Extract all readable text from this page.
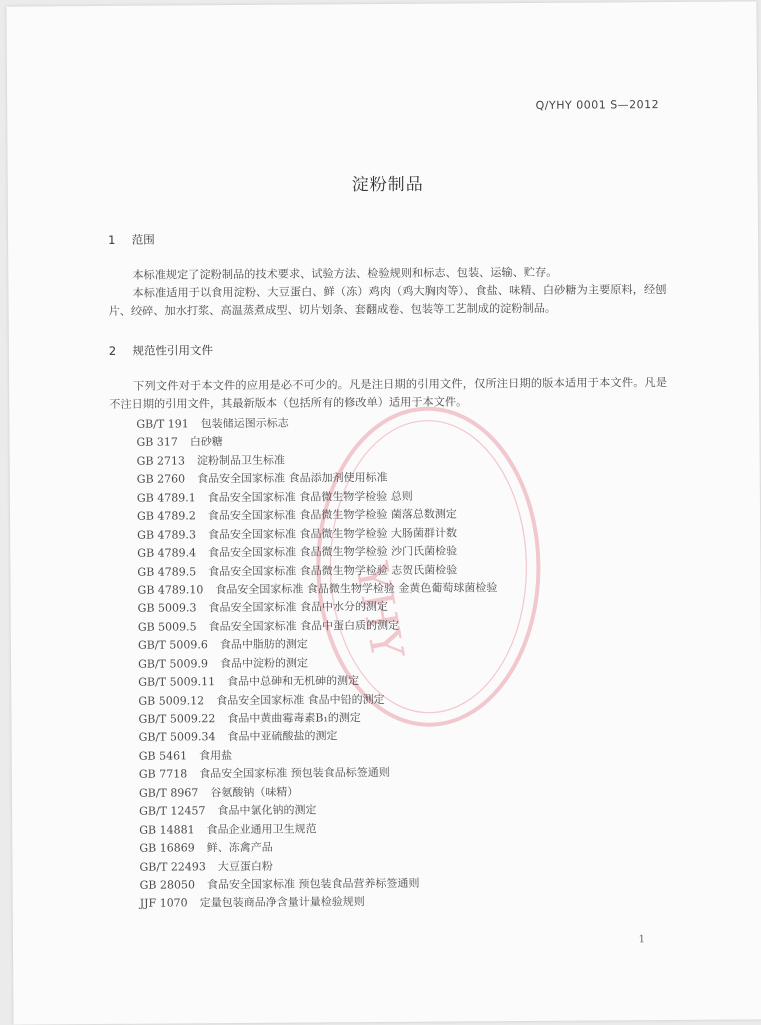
Q/YHY 0001 S—2012
淀粉制品
1 范围

本标准规定了淀粉制品的技术要求、试验方法、检验规则和标志、包装、运输、贮存。

本标准适用于以食用淀粉、大豆蛋白、鲜（冻）鸡肉（鸡大胸肉等）、食盐、味精、白砂糖为主要原料，经刨片、绞碎、加水打浆、高温蒸煮成型、切片划条、套翻成卷、包装等工艺制成的淀粉制品。

2 规范性引用文件

下列文件对于本文件的应用是必不可少的。凡是注日期的引用文件，仅所注日期的版本适用于本文件。凡是不注日期的引用文件，其最新版本（包括所有的修改单）适用于本文件。

YHY
GB/T 191 包装储运图示标志
GB 317 白砂糖
GB 2713 淀粉制品卫生标准
GB 2760 食品安全国家标准 食品添加剂使用标准
GB 4789.1 食品安全国家标准 食品微生物学检验 总则
GB 4789.2 食品安全国家标准 食品微生物学检验 菌落总数测定
GB 4789.3 食品安全国家标准 食品微生物学检验 大肠菌群计数
GB 4789.4 食品安全国家标准 食品微生物学检验 沙门氏菌检验
GB 4789.5 食品安全国家标准 食品微生物学检验 志贺氏菌检验
GB 4789.10 食品安全国家标准 食品微生物学检验 金黄色葡萄球菌检验
GB 5009.3 食品安全国家标准 食品中水分的测定
GB 5009.5 食品安全国家标准 食品中蛋白质的测定
GB/T 5009.6 食品中脂肪的测定
GB/T 5009.9 食品中淀粉的测定
GB/T 5009.11 食品中总砷和无机砷的测定
GB 5009.12 食品安全国家标准 食品中铅的测定
GB/T 5009.22 食品中黄曲霉毒素B₁的测定
GB/T 5009.34 食品中亚硫酸盐的测定
GB 5461 食用盐
GB 7718 食品安全国家标准 预包装食品标签通则
GB/T 8967 谷氨酸钠（味精）
GB/T 12457 食品中氯化钠的测定
GB 14881 食品企业通用卫生规范
GB 16869 鲜、冻禽产品
GB/T 22493 大豆蛋白粉
GB 28050 食品安全国家标准 预包装食品营养标签通则
JJF 1070 定量包装商品净含量计量检验规则
1
